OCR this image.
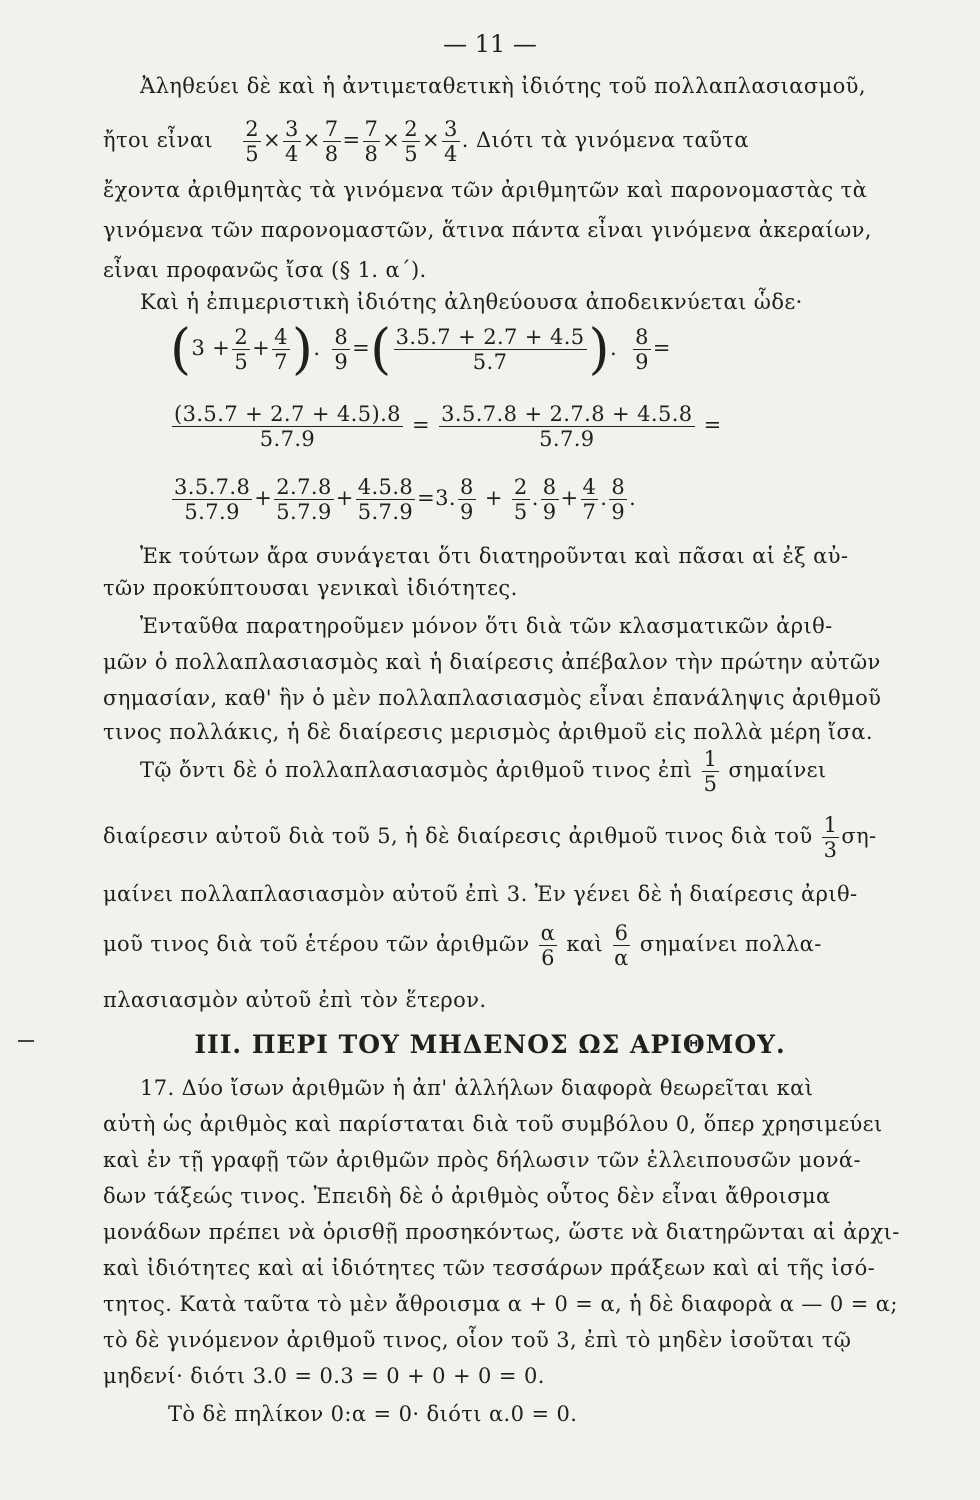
— 11 —
Ἀληθεύει δὲ καὶ ἡ ἀντιμεταθετικὴ ἰδιότης τοῦ πολλαπλασιασμοῦ,
ἤτοι εἶναι $\frac{2}{5} \times \frac{3}{4} \times \frac{7}{8} = \frac{7}{8} \times \frac{2}{5} \times \frac{3}{4}$ . Διότι τὰ γινόμενα ταῦτα
ἔχοντα ἀριθμητὰς τὰ γινόμενα τῶν ἀριθμητῶν καὶ παρονομαστὰς τὰ
γινόμενα τῶν παρονομαστῶν, ἅτινα πάντα εἶναι γινόμενα ἀκεραίων,
εἶναι προφανῶς ἴσα (§ 1. α΄).
Καὶ ἡ ἐπιμεριστικὴ ἰδιότης ἀληθεύουσα ἀποδεικνύεται ὧδε·
($3 + \frac{2}{5} + \frac{4}{7}$ ). $\frac{8}{9}$ =( $\frac{3.5.7 + 2.7 + 4.5}{5.7}$ ). $\frac{8}{9}$ =
$\frac{(3.5.7 + 2.7 + 4.5).8}{5.7.9} = \frac{3.5.7.8 + 2.7.8 + 4.5.8}{5.7.9}$ =
$\frac{3.5.7.8}{5.7.9} + \frac{2.7.8}{5.7.9} + \frac{4.5.8}{5.7.9} =3$. $\frac{8}{9} + \frac{2}{5}$ . $\frac{8}{9} + \frac{4}{7}$ . $\frac{8}{9}$ .
Ἐκ τούτων ἄρα συνάγεται ὅτι διατηροῦνται καὶ πᾶσαι αἱ ἐξ αὐ-
τῶν προκύπτουσαι γενικαὶ ἰδιότητες.
Ἐνταῦθα παρατηροῦμεν μόνον ὅτι διὰ τῶν κλασματικῶν ἀριθ-
μῶν ὁ πολλαπλασιασμὸς καὶ ἡ διαίρεσις ἀπέβαλον τὴν πρώτην αὐτῶν
σημασίαν, καθ' ἣν ὁ μὲν πολλαπλασιασμὸς εἶναι ἐπανάληψις ἀριθμοῦ
τινος πολλάκις, ἡ δὲ διαίρεσις μερισμὸς ἀριθμοῦ εἰς πολλὰ μέρη ἴσα.
Τῷ ὄντι δὲ ὁ πολλαπλασιασμὸς ἀριθμοῦ τινος ἐπὶ $\frac{1}{5}$ σημαίνει
διαίρεσιν αὐτοῦ διὰ τοῦ 5, ἡ δὲ διαίρεσις ἀριθμοῦ τινος διὰ τοῦ $\frac{1}{3} \sigma\eta-$
μαίνει πολλαπλασιασμὸν αὐτοῦ ἐπὶ 3. Ἐν γένει δὲ ἡ διαίρεσις ἀριθ-
μοῦ τινος διὰ τοῦ ἑτέρου τῶν ἀριθμῶν $\frac{\alpha}{6}$ καὶ $\frac{6}{\alpha}$ σημαίνει πολλα-
πλασιασμὸν αὐτοῦ ἐπὶ τὸν ἕτερον.
III. ΠΕΡΙ ΤΟΥ ΜΗΔΕΝΟΣ ΩΣ ΑΡΙΘΜΟΥ.
17. Δύο ἴσων ἀριθμῶν ἡ ἀπ' ἀλλήλων διαφορὰ θεωρεῖται καὶ
αὐτὴ ὡς ἀριθμὸς καὶ παρίσταται διὰ τοῦ συμβόλου 0, ὅπερ χρησιμεύει
καὶ ἐν τῇ γραφῇ τῶν ἀριθμῶν πρὸς δήλωσιν τῶν ἐλλειπουσῶν μονά-
δων τάξεώς τινος. Ἐπειδὴ δὲ ὁ ἀριθμὸς οὗτος δὲν εἶναι ἄθροισμα
μονάδων πρέπει νὰ ὁρισθῇ προσηκόντως, ὥστε νὰ διατηρῶνται αἱ ἀρχι-
καὶ ἰδιότητες καὶ αἱ ἰδιότητες τῶν τεσσάρων πράξεων καὶ αἱ τῆς ἰσό-
τητος. Κατὰ ταῦτα τὸ μὲν ἄθροισμα α + 0 = α, ἡ δὲ διαφορὰ α — 0 = α;
τὸ δὲ γινόμενον ἀριθμοῦ τινος, οἷον τοῦ 3, ἐπὶ τὸ μηδὲν ἰσοῦται τῷ
μηδενί· διότι 3.0 = 0.3 = 0 + 0 + 0 = 0.
Τὸ δὲ πηλίκον 0:α = 0· διότι α.0 = 0.
